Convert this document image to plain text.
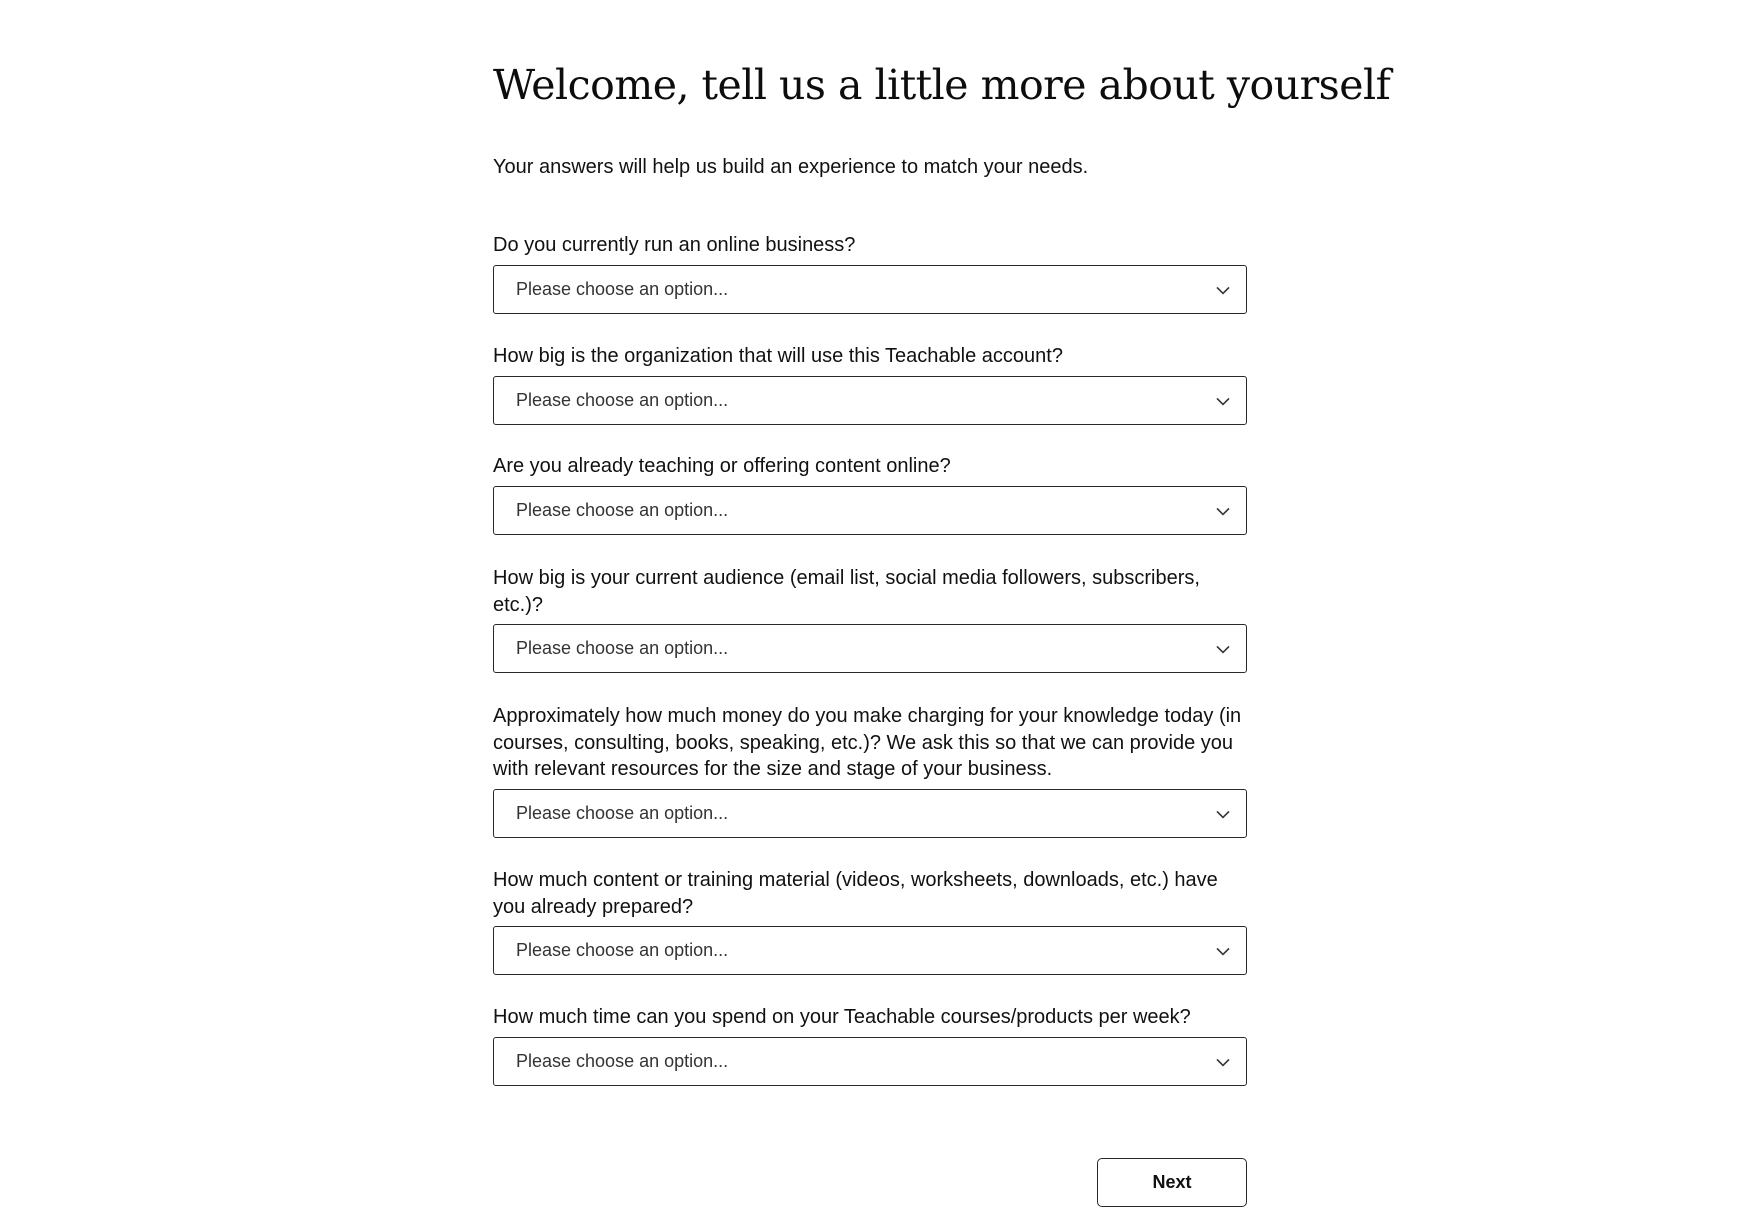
Welcome, tell us a little more about yourself

Your answers will help us build an experience to match your needs.

Do you currently run an online business?

Please choose an option...

How big is the organization that will use this Teachable account?

Please choose an option...

Are you already teaching or offering content online?

Please choose an option...

How big is your current audience (email list, social media followers, subscribers, etc.)?

Please choose an option...

Approximately how much money do you make charging for your knowledge today (in courses, consulting, books, speaking, etc.)? We ask this so that we can provide you with relevant resources for the size and stage of your business.

Please choose an option...

How much content or training material (videos, worksheets, downloads, etc.) have you already prepared?

Please choose an option...

How much time can you spend on your Teachable courses/products per week?

Please choose an option...
Next
